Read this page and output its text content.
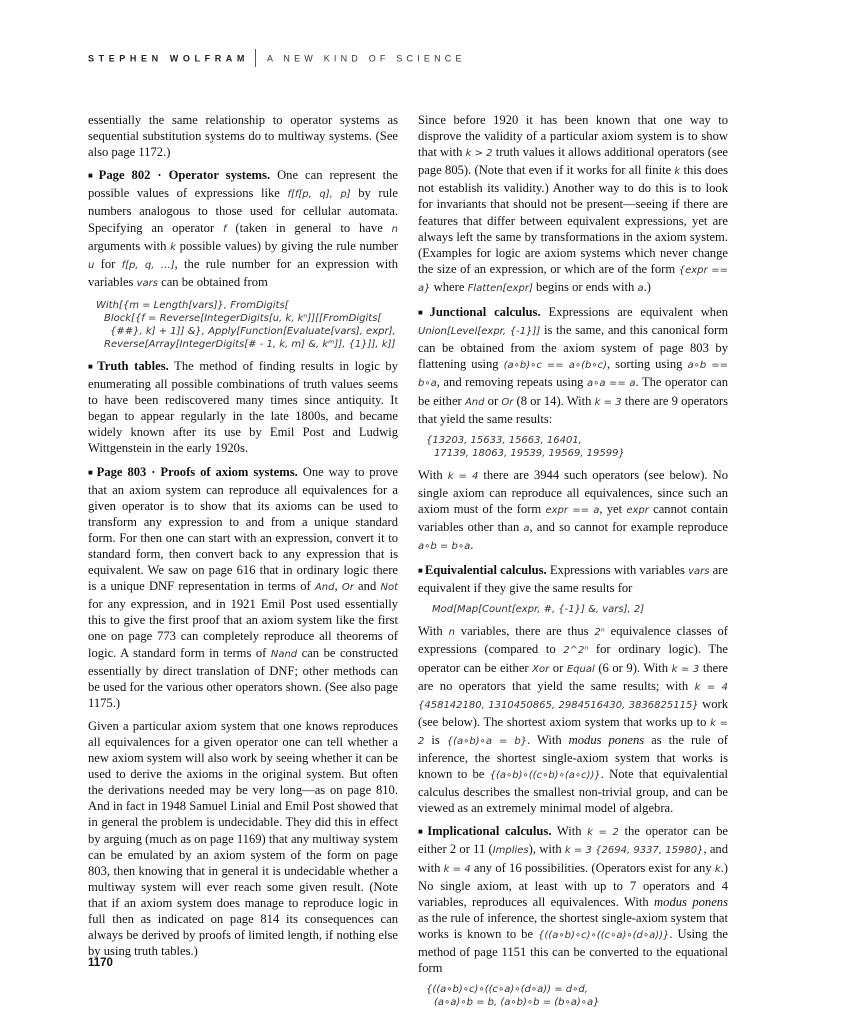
STEPHEN WOLFRAM A NEW KIND OF SCIENCE

essentially the same relationship to operator systems as sequential substitution systems do to multiway systems. (See also page 1172.)

■ Page 802 · Operator systems. One can represent the possible values of expressions like f[f[p, q], p] by rule numbers analogous to those used for cellular automata. Specifying an operator f (taken in general to have n arguments with k possible values) by giving the rule number u for f[p, q, …], the rule number for an expression with variables vars can be obtained from

With[{m = Length[vars]}, FromDigits[
Block[{f = Reverse[IntegerDigits[u, k, kⁿ]][[FromDigits[
{##}, k] + 1]] &}, Apply[Function[Evaluate[vars], expr],
Reverse[Array[IntegerDigits[# - 1, k, m] &, kᵐ]], {1}]], k]]

■ Truth tables. The method of finding results in logic by enumerating all possible combinations of truth values seems to have been rediscovered many times since antiquity. It began to appear regularly in the late 1800s, and became widely known after its use by Emil Post and Ludwig Wittgenstein in the early 1920s.

■ Page 803 · Proofs of axiom systems. One way to prove that an axiom system can reproduce all equivalences for a given operator is to show that its axioms can be used to transform any expression to and from a unique standard form. For then one can start with an expression, convert it to standard form, then convert back to any expression that is equivalent. We saw on page 616 that in ordinary logic there is a unique DNF representation in terms of And, Or and Not for any expression, and in 1921 Emil Post used essentially this to give the first proof that an axiom system like the first one on page 773 can completely reproduce all theorems of logic. A standard form in terms of Nand can be constructed essentially by direct translation of DNF; other methods can be used for the various other operators shown. (See also page 1175.)

Given a particular axiom system that one knows reproduces all equivalences for a given operator one can tell whether a new axiom system will also work by seeing whether it can be used to derive the axioms in the original system. But often the derivations needed may be very long—as on page 810. And in fact in 1948 Samuel Linial and Emil Post showed that in general the problem is undecidable. They did this in effect by arguing (much as on page 1169) that any multiway system can be emulated by an axiom system of the form on page 803, then knowing that in general it is undecidable whether a multiway system will ever reach some given result. (Note that if an axiom system does manage to reproduce logic in full then as indicated on page 814 its consequences can always be derived by proofs of limited length, if nothing else by using truth tables.)

Since before 1920 it has been known that one way to disprove the validity of a particular axiom system is to show that with k > 2 truth values it allows additional operators (see page 805). (Note that even if it works for all finite k this does not establish its validity.) Another way to do this is to look for invariants that should not be present—seeing if there are features that differ between equivalent expressions, yet are always left the same by transformations in the axiom system. (Examples for logic are axiom systems which never change the size of an expression, or which are of the form {expr == a} where Flatten[expr] begins or ends with a.)

■ Junctional calculus. Expressions are equivalent when Union[Level[expr, {-1}]] is the same, and this canonical form can be obtained from the axiom system of page 803 by flattening using (a∘b)∘c == a∘(b∘c), sorting using a∘b == b∘a, and removing repeats using a∘a == a. The operator can be either And or Or (8 or 14). With k = 3 there are 9 operators that yield the same results:

{13203, 15633, 15663, 16401,
17139, 18063, 19539, 19569, 19599}

With k = 4 there are 3944 such operators (see below). No single axiom can reproduce all equivalences, since such an axiom must of the form expr == a, yet expr cannot contain variables other than a, and so cannot for example reproduce a∘b = b∘a.

■ Equivalential calculus. Expressions with variables vars are equivalent if they give the same results for

Mod[Map[Count[expr, #, {-1}] &, vars], 2]

With n variables, there are thus 2ⁿ equivalence classes of expressions (compared to 2^2ⁿ for ordinary logic). The operator can be either Xor or Equal (6 or 9). With k = 3 there are no operators that yield the same results; with k = 4 {458142180, 1310450865, 2984516430, 3836825115} work (see below). The shortest axiom system that works up to k = 2 is {(a∘b)∘a = b}. With modus ponens as the rule of inference, the shortest single-axiom system that works is known to be {(a∘b)∘((c∘b)∘(a∘c))}. Note that equivalential calculus describes the smallest non-trivial group, and can be viewed as an extremely minimal model of algebra.

■ Implicational calculus. With k = 2 the operator can be either 2 or 11 (Implies), with k = 3 {2694, 9337, 15980}, and with k = 4 any of 16 possibilities. (Operators exist for any k.) No single axiom, at least with up to 7 operators and 4 variables, reproduces all equivalences. With modus ponens as the rule of inference, the shortest single-axiom system that works is known to be {((a∘b)∘c)∘((c∘a)∘(d∘a))}. Using the method of page 1151 this can be converted to the equational form

{((a∘b)∘c)∘((c∘a)∘(d∘a)) = d∘d,
(a∘a)∘b = b, (a∘b)∘b = (b∘a)∘a}
1170
